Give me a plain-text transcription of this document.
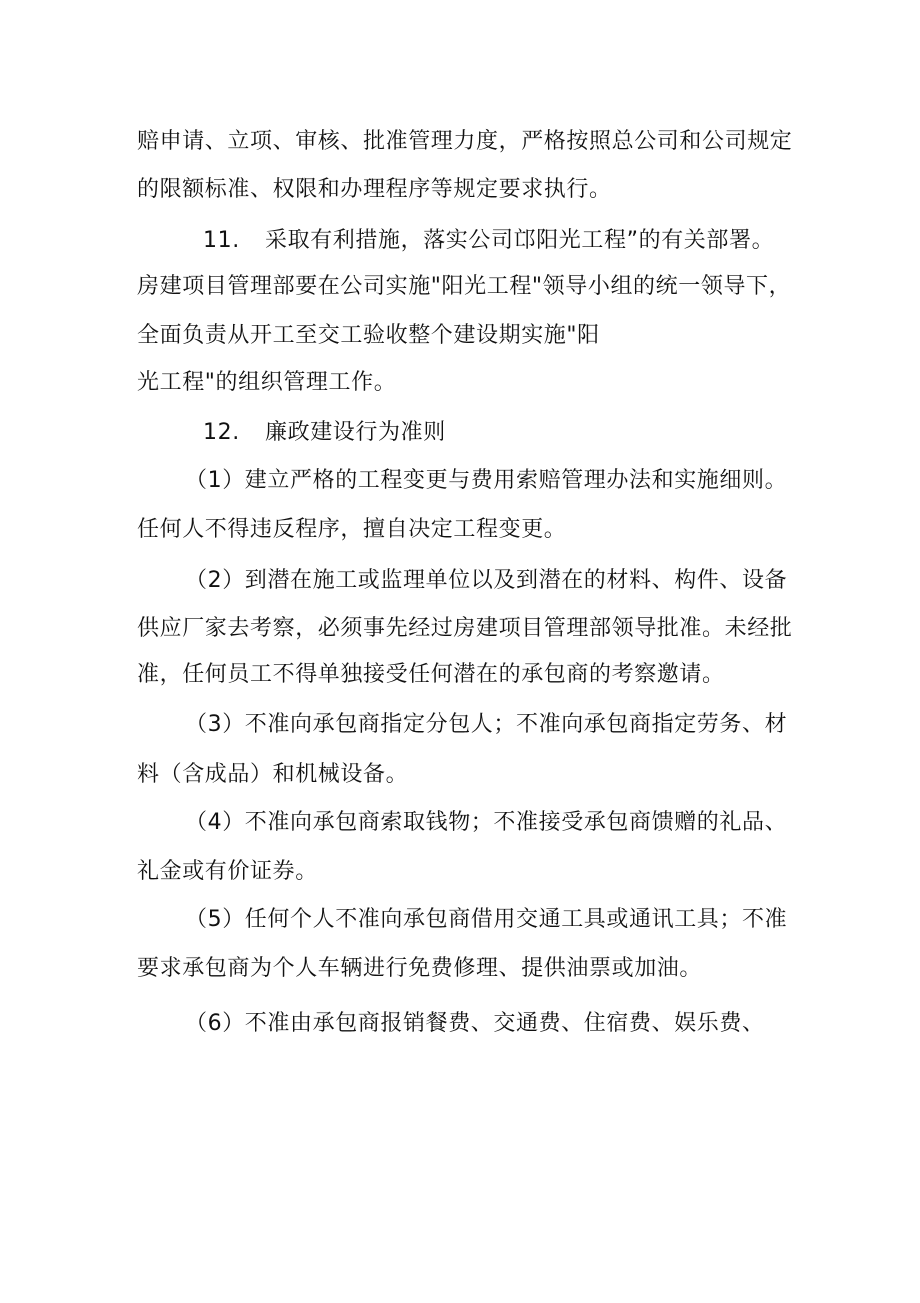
赔申请、立项、审核、批准管理力度，严格按照总公司和公司规定
的限额标准、权限和办理程序等规定要求执行。
11. 采取有利措施，落实公司邙阳光工程”的有关部署。
房建项目管理部要在公司实施"阳光工程"领导小组的统一领导下，
全面负责从开工至交工验收整个建设期实施"阳
光工程"的组织管理工作。
12. 廉政建设行为准则
（1）建立严格的工程变更与费用索赔管理办法和实施细则。
任何人不得违反程序，擅自决定工程变更。
（2）到潜在施工或监理单位以及到潜在的材料、构件、设备
供应厂家去考察，必须事先经过房建项目管理部领导批准。未经批
准，任何员工不得单独接受任何潜在的承包商的考察邀请。
（3）不准向承包商指定分包人；不准向承包商指定劳务、材
料（含成品）和机械设备。
（4）不准向承包商索取钱物；不准接受承包商馈赠的礼品、
礼金或有价证券。
（5）任何个人不准向承包商借用交通工具或通讯工具；不准
要求承包商为个人车辆进行免费修理、提供油票或加油。
（6）不准由承包商报销餐费、交通费、住宿费、娱乐费、
